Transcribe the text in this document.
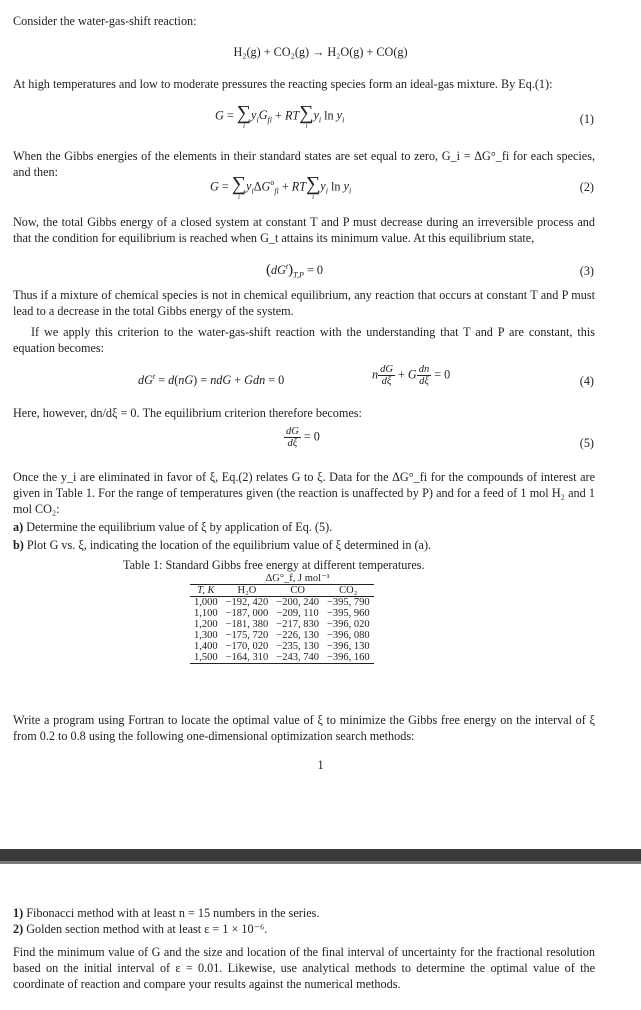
Consider the water-gas-shift reaction:
H₂(g) + CO₂(g) → H₂O(g) + CO(g)
At high temperatures and low to moderate pressures the reacting species form an ideal-gas mixture. By Eq.(1):
G = ∑
i
$y_iG_{fi}$ + RT ∑
i
$y_i$ $\ln y_i$	(1)
When the Gibbs energies of the elements in their standard states are set equal to zero, G_i = ΔG°_fi for each species, and then:
G = ∑
i
$y_i\Delta G^o_{fi}$ + RT ∑
i
$y_i$ $\ln y_i$	(2)
Now, the total Gibbs energy of a closed system at constant T and P must decrease during an irreversible process and that the condition for equilibrium is reached when G_t attains its minimum value. At this equilibrium state,
$(dG^t)_{T,P} = 0$	(3)
Thus if a mixture of chemical species is not in chemical equilibrium, any reaction that occurs at constant T and P must lead to a decrease in the total Gibbs energy of the system.
If we apply this criterion to the water-gas-shift reaction with the understanding that T and P are constant, this equation becomes:
$dG^t = d(nG)$ = ndG + Gdn = 0	n $\frac{dG}{d\xi} + G \frac{dn}{d\xi} = 0$	(4)
Here, however, dn/dξ = 0. The equilibrium criterion therefore becomes:
$\frac{dG}{d\xi} = 0$	(5)
Once the y_i are eliminated in favor of ξ, Eq.(2) relates G to ξ. Data for the ΔG°_fi for the compounds of interest are given in Table 1. For the range of temperatures given (the reaction is unaffected by P) and for a feed of 1 mol H₂ and 1 mol CO₂:
a) Determine the equilibrium value of ξ by application of Eq. (5).
b) Plot G vs. ξ, indicating the location of the equilibrium value of ξ determined in (a).
Table 1: Standard Gibbs free energy at different temperatures.
	ΔG°_f, J mol⁻¹		
T, K	H₂O	CO	CO₂
1,000	−192, 420	−200, 240	−395, 790
1,100	−187, 000	−209, 110	−395, 960
1,200	−181, 380	−217, 830	−396, 020
1,300	−175, 720	−226, 130	−396, 080
1,400	−170, 020	−235, 130	−396, 130
1,500	−164, 310	−243, 740	−396, 160
Write a program using Fortran to locate the optimal value of ξ to minimize the Gibbs free energy on the interval of ξ from 0.2 to 0.8 using the following one-dimensional optimization search methods:
1
1) Fibonacci method with at least n = 15 numbers in the series.
2) Golden section method with at least ε = 1 × 10⁻⁶.
Find the minimum value of G and the size and location of the final interval of uncertainty for the fractional resolution based on the initial interval of ε = 0.01. Likewise, use analytical methods to determine the optimal value of the coordinate of reaction and compare your results against the numerical methods.
